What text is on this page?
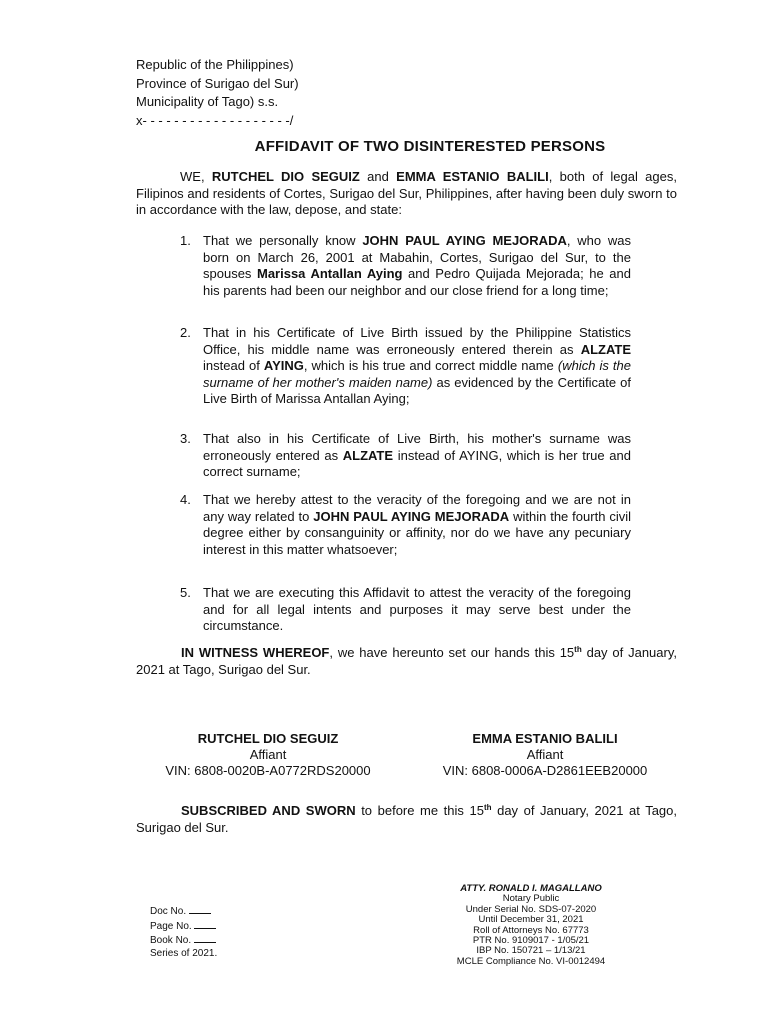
Republic of the Philippines)
Province of Surigao del Sur)
Municipality of Tago) s.s.
x- - - - - - - - - - - - - - - - - - -/
AFFIDAVIT OF TWO DISINTERESTED PERSONS
WE, RUTCHEL DIO SEGUIZ and EMMA ESTANIO BALILI, both of legal ages, Filipinos and residents of Cortes, Surigao del Sur, Philippines, after having been duly sworn to in accordance with the law, depose, and state:
1. That we personally know JOHN PAUL AYING MEJORADA, who was born on March 26, 2001 at Mabahin, Cortes, Surigao del Sur, to the spouses Marissa Antallan Aying and Pedro Quijada Mejorada; he and his parents had been our neighbor and our close friend for a long time;
2. That in his Certificate of Live Birth issued by the Philippine Statistics Office, his middle name was erroneously entered therein as ALZATE instead of AYING, which is his true and correct middle name (which is the surname of her mother's maiden name) as evidenced by the Certificate of Live Birth of Marissa Antallan Aying;
3. That also in his Certificate of Live Birth, his mother's surname was erroneously entered as ALZATE instead of AYING, which is her true and correct surname;
4. That we hereby attest to the veracity of the foregoing and we are not in any way related to JOHN PAUL AYING MEJORADA within the fourth civil degree either by consanguinity or affinity, nor do we have any pecuniary interest in this matter whatsoever;
5. That we are executing this Affidavit to attest the veracity of the foregoing and for all legal intents and purposes it may serve best under the circumstance.
IN WITNESS WHEREOF, we have hereunto set our hands this 15th day of January, 2021 at Tago, Surigao del Sur.
RUTCHEL DIO SEGUIZ
Affiant
VIN: 6808-0020B-A0772RDS20000
EMMA ESTANIO BALILI
Affiant
VIN: 6808-0006A-D2861EEB20000
SUBSCRIBED AND SWORN to before me this 15th day of January, 2021 at Tago, Surigao del Sur.
Doc No.
Page No.
Book No.
Series of 2021.
ATTY. RONALD I. MAGALLANO
Notary Public
Under Serial No. SDS-07-2020
Until December 31, 2021
Roll of Attorneys No. 67773
PTR No. 9109017 - 1/05/21
IBP No. 150721 – 1/13/21
MCLE Compliance No. VI-0012494
